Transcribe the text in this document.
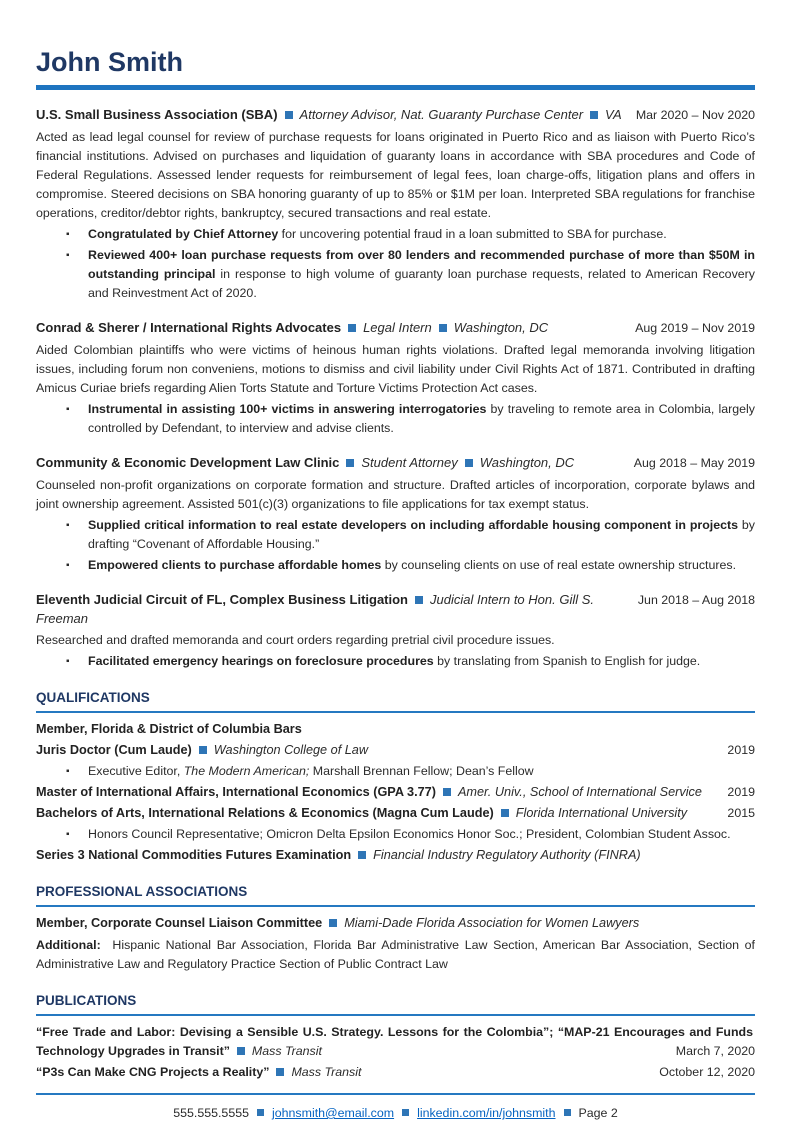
John Smith
U.S. Small Business Association (SBA) Attorney Advisor, Nat. Guaranty Purchase Center VA	Mar 2020 – Nov 2020
Acted as lead legal counsel for review of purchase requests for loans originated in Puerto Rico and as liaison with Puerto Rico’s financial institutions. Advised on purchases and liquidation of guaranty loans in accordance with SBA procedures and Code of Federal Regulations. Assessed lender requests for reimbursement of legal fees, loan charge-offs, litigation plans and offers in compromise. Steered decisions on SBA honoring guaranty of up to 85% or $1M per loan. Interpreted SBA regulations for franchise operations, creditor/debtor rights, bankruptcy, secured transactions and real estate.
▪ Congratulated by Chief Attorney for uncovering potential fraud in a loan submitted to SBA for purchase.
▪ Reviewed 400+ loan purchase requests from over 80 lenders and recommended purchase of more than $50M in outstanding principal in response to high volume of guaranty loan purchase requests, related to American Recovery and Reinvestment Act of 2020.
Conrad & Sherer / International Rights Advocates Legal Intern Washington, DC	Aug 2019 – Nov 2019
Aided Colombian plaintiffs who were victims of heinous human rights violations. Drafted legal memoranda involving litigation issues, including forum non conveniens, motions to dismiss and civil liability under Civil Rights Act of 1871. Contributed in drafting Amicus Curiae briefs regarding Alien Torts Statute and Torture Victims Protection Act cases.
▪ Instrumental in assisting 100+ victims in answering interrogatories by traveling to remote area in Colombia, largely controlled by Defendant, to interview and advise clients.
Community & Economic Development Law Clinic Student Attorney Washington, DC	Aug 2018 – May 2019
Counseled non-profit organizations on corporate formation and structure. Drafted articles of incorporation, corporate bylaws and joint ownership agreement. Assisted 501(c)(3) organizations to file applications for tax exempt status.
▪ Supplied critical information to real estate developers on including affordable housing component in projects by drafting “Covenant of Affordable Housing.”
▪ Empowered clients to purchase affordable homes by counseling clients on use of real estate ownership structures.
Eleventh Judicial Circuit of FL, Complex Business Litigation Judicial Intern to Hon. Gill S. Freeman
Jun 2018 – Aug 2018
Researched and drafted memoranda and court orders regarding pretrial civil procedure issues.
▪ Facilitated emergency hearings on foreclosure procedures by translating from Spanish to English for judge.
QUALIFICATIONS
Member, Florida & District of Columbia Bars
Juris Doctor (Cum Laude) Washington College of Law	2019
▪ Executive Editor, The Modern American; Marshall Brennan Fellow; Dean’s Fellow
Master of International Affairs, International Economics (GPA 3.77) Amer. Univ., School of International Service	2019
Bachelors of Arts, International Relations & Economics (Magna Cum Laude) Florida International University	2015
▪ Honors Council Representative; Omicron Delta Epsilon Economics Honor Soc.; President, Colombian Student Assoc.
Series 3 National Commodities Futures Examination Financial Industry Regulatory Authority (FINRA)
PROFESSIONAL ASSOCIATIONS
Member, Corporate Counsel Liaison Committee Miami-Dade Florida Association for Women Lawyers
Additional: Hispanic National Bar Association, Florida Bar Administrative Law Section, American Bar Association, Section of Administrative Law and Regulatory Practice Section of Public Contract Law
PUBLICATIONS
“Free Trade and Labor: Devising a Sensible U.S. Strategy. Lessons for the Colombia”; “MAP-21 Encourages and Funds Technology Upgrades in Transit” Mass Transit	March 7, 2020
“P3s Can Make CNG Projects a Reality” Mass Transit	October 12, 2020
555.555.5555 johnsmith@email.com linkedin.com/in/johnsmith Page 2
